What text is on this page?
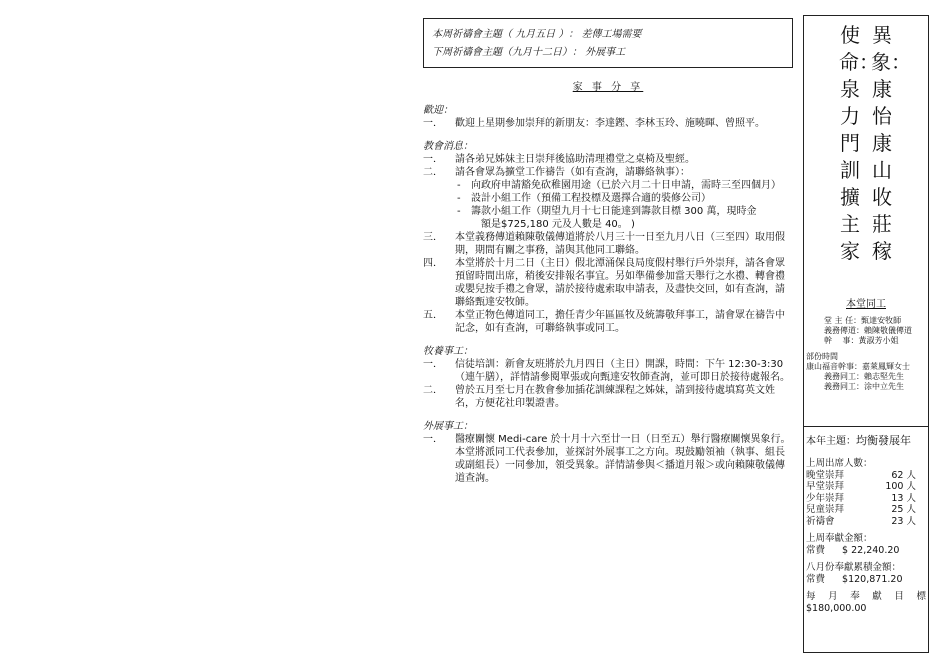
本周祈禱會主題（ 九月五日 ）： 差傳工場需要
下周祈禱會主題（九月十二日）： 外展事工
家 事 分 享
歡迎：
一．	歡迎上星期參加崇拜的新朋友：李達鏗、李林玉玲、施曉暉、曾照平。
教會消息：
一．	請各弟兄姊妹主日崇拜後協助清理禮堂之桌椅及聖經。
二．	請各會眾為擴堂工作禱告（如有查詢，請聯絡執事）：
- 向政府申請豁免砍稚園用途（已於六月二十日申請，需時三至四個月）
- 設計小組工作（預備工程投標及選擇合適的裝修公司）
- 籌款小組工作（期望九月十七日能達到籌款目標 300 萬，現時金
額是$725,180 元及人數是 40。 )
三．	本堂義務傳道賴陳敬儀傳道將於八月三十一日至九月八日（三至四）取用假期，期間有關之事務，請與其他同工聯絡。
四．	本堂將於十月二日（主日）假北潭涌保良局度假村舉行戶外崇拜，請各會眾預留時間出席，稍後安排報名事宜。另如準備參加當天舉行之水禮、轉會禮或嬰兒按手禮之會眾，請於接待處索取申請表，及盡快交回，如有查詢，請聯絡甄達安牧師。
五．	本堂正物色傳道同工，擔任青少年區區牧及統籌敬拜事工，請會眾在禱告中記念，如有查詢，可聯絡執事或同工。
牧養事工：
一．	信徒培訓：新會友班將於九月四日（主日）開課，時間：下午 12:30-3:30（連午膳），詳情請參閱單張或向甄達安牧師查詢，並可即日於接待處報名。
二．	曾於五月至七月在教會參加插花訓練課程之姊妹，請到接待處填寫英文姓名，方便花社印製證書。
外展事工：
一．	醫療關懷 Medi-care 於十月十六至廿一日（日至五）舉行醫療關懷異象行。本堂將派同工代表參加，並探討外展事工之方向。現鼓勵領袖（執事、組長或副組長）一同參加，領受異象。詳情請參與＜播道月報＞或向賴陳敬儀傳道查詢。
異象：康怡康山收莊稼
使命：泉力門訓擴主家
本堂同工
堂 主 任：甄達安牧師
義務傳道：賴陳敬儀傳道
幹　 事：黃淑芳小姐
部份時間
康山福音幹事：嘉萊鳳輝女士
義務同工：賴志堅先生
義務同工：涂中立先生
本年主題：均衡發展年
上周出席人數：
晚堂崇拜	62 人
早堂崇拜	100 人
少年崇拜	13 人
兒童崇拜	25 人
祈禱會	23 人
上周奉獻金額：
常費 $ 22,240.20
八月份奉獻累積金額：
常費 $120,871.20
每 月 奉 獻 目 標
$180,000.00
